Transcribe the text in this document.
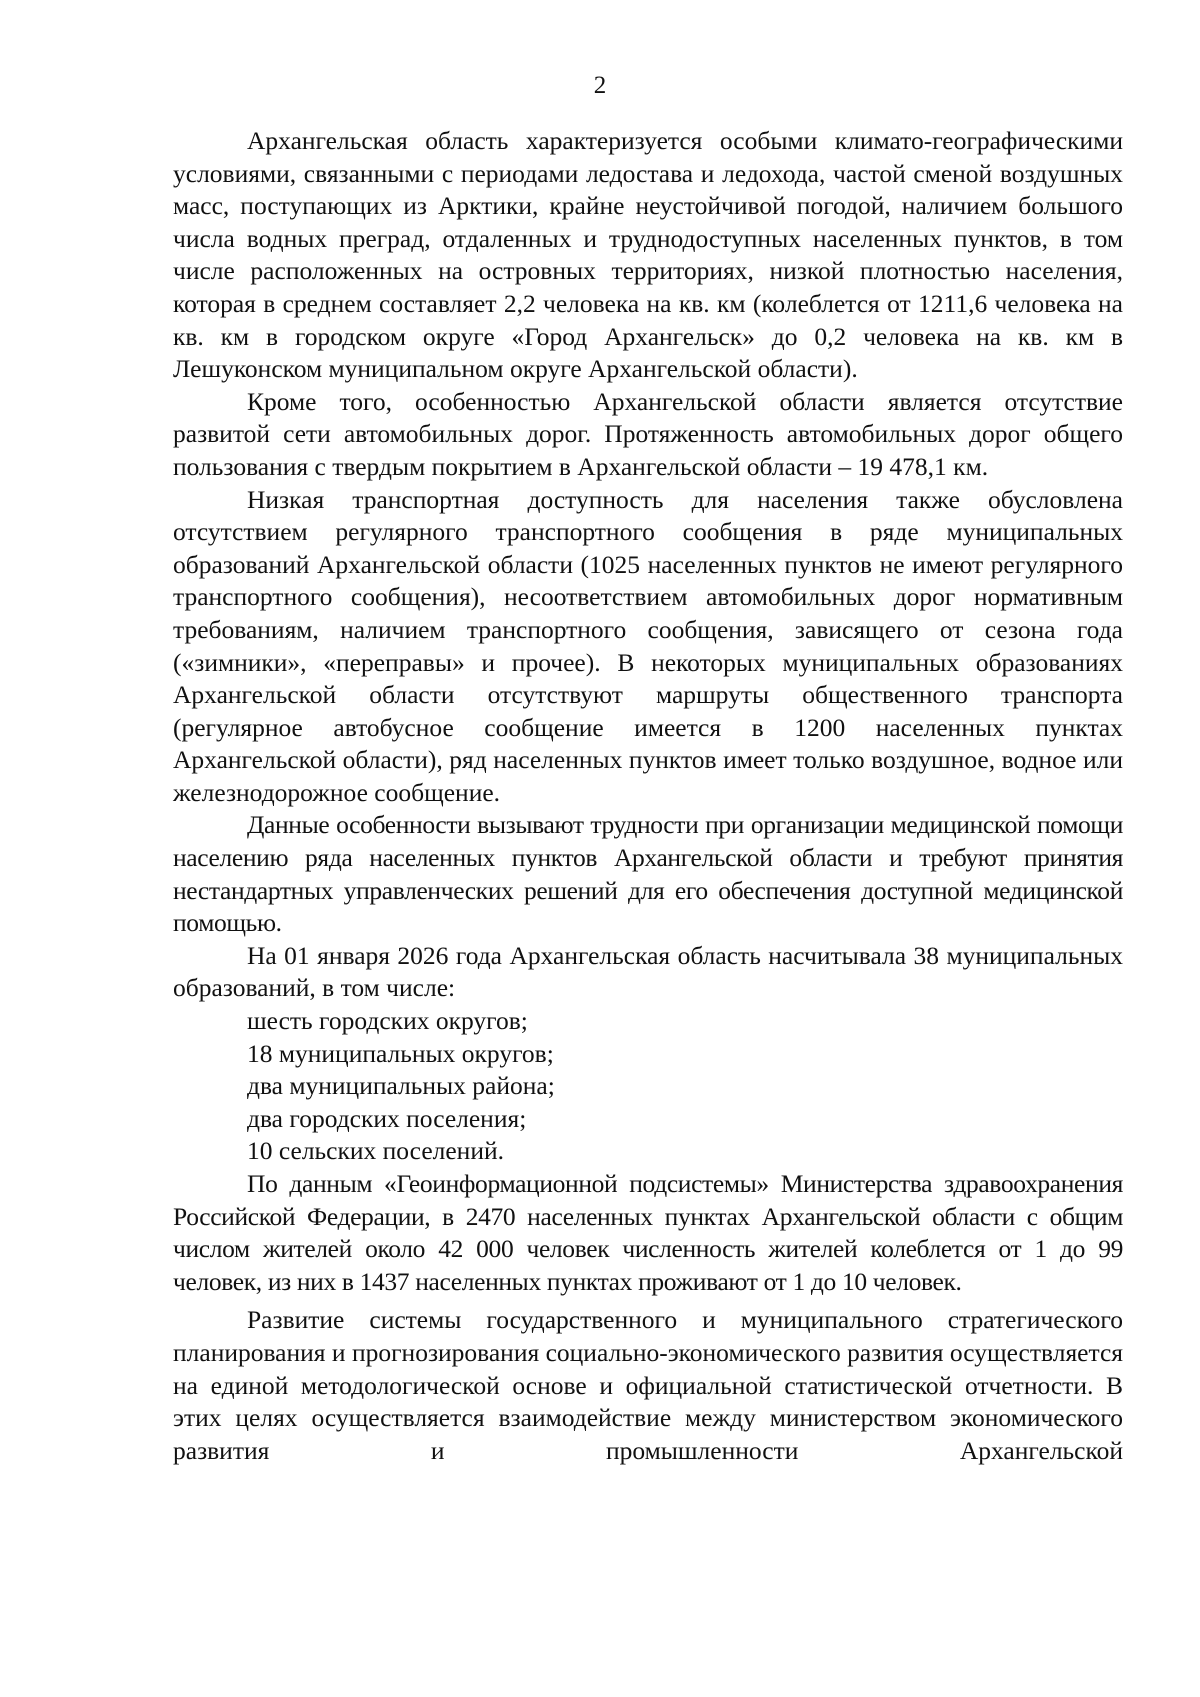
2

Архангельская область характеризуется особыми климато-географическими условиями, связанными с периодами ледостава и ледохода, частой сменой воздушных масс, поступающих из Арктики, крайне неустойчивой погодой, наличием большого числа водных преград, отдаленных и труднодоступных населенных пунктов, в том числе расположенных на островных территориях, низкой плотностью населения, которая в среднем составляет 2,2 человека на кв. км (колеблется от 1211,6 человека на кв. км в городском округе «Город Архангельск» до 0,2 человека на кв. км в Лешуконском муниципальном округе Архангельской области).

Кроме того, особенностью Архангельской области является отсутствие развитой сети автомобильных дорог. Протяженность автомобильных дорог общего пользования с твердым покрытием в Архангельской области – 19 478,1 км.

Низкая транспортная доступность для населения также обусловлена отсутствием регулярного транспортного сообщения в ряде муниципальных образований Архангельской области (1025 населенных пунктов не имеют регулярного транспортного сообщения), несоответствием автомобильных дорог нормативным требованиям, наличием транспортного сообщения, зависящего от сезона года («зимники», «переправы» и прочее). В некоторых муниципальных образованиях Архангельской области отсутствуют маршруты общественного транспорта (регулярное автобусное сообщение имеется в 1200 населенных пунктах Архангельской области), ряд населенных пунктов имеет только воздушное, водное или железнодорожное сообщение.

Данные особенности вызывают трудности при организации медицинской помощи населению ряда населенных пунктов Архангельской области и требуют принятия нестандартных управленческих решений для его обеспечения доступной медицинской помощью.

На 01 января 2026 года Архангельская область насчитывала 38 муниципальных образований, в том числе:

шесть городских округов;

18 муниципальных округов;

два муниципальных района;

два городских поселения;

10 сельских поселений.

По данным «Геоинформационной подсистемы» Министерства здравоохранения Российской Федерации, в 2470 населенных пунктах Архангельской области с общим числом жителей около 42 000 человек численность жителей колеблется от 1 до 99 человек, из них в 1437 населенных пунктах проживают от 1 до 10 человек.

Развитие системы государственного и муниципального стратегического планирования и прогнозирования социально-экономического развития осуществляется на единой методологической основе и официальной статистической отчетности. В этих целях осуществляется взаимодействие между министерством экономического развития и промышленности Архангельской
